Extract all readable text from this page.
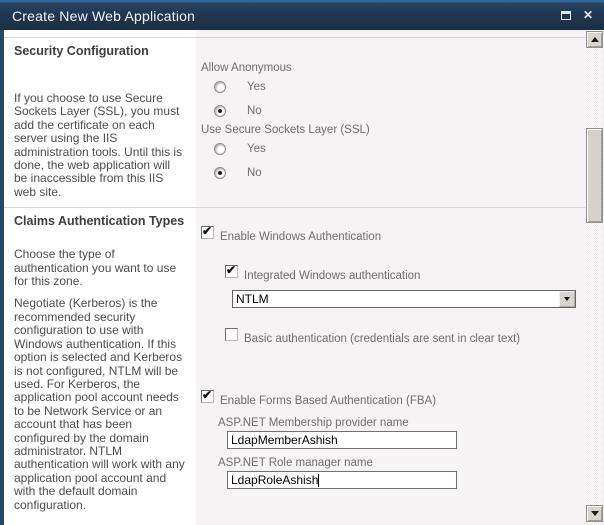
Create New Web Application	✕
Security Configuration
If you choose to use Secure Sockets Layer (SSL), you must add the certificate on each server using the IIS administration tools. Until this is done, the web application will be inaccessible from this IIS web site.
Allow Anonymous
Yes
No
Use Secure Sockets Layer (SSL)
Yes
No
Claims Authentication Types
Choose the type of authentication you want to use for this zone.
Negotiate (Kerberos) is the recommended security configuration to use with Windows authentication. If this option is selected and Kerberos is not configured, NTLM will be used. For Kerberos, the application pool account needs to be Network Service or an account that has been configured by the domain administrator. NTLM authentication will work with any application pool account and with the default domain configuration.
✔
Enable Windows Authentication
✔
Integrated Windows authentication
NTLM
Basic authentication (credentials are sent in clear text)
✔
Enable Forms Based Authentication (FBA)
ASP.NET Membership provider name
LdapMemberAshish
ASP.NET Role manager name
LdapRoleAshish
